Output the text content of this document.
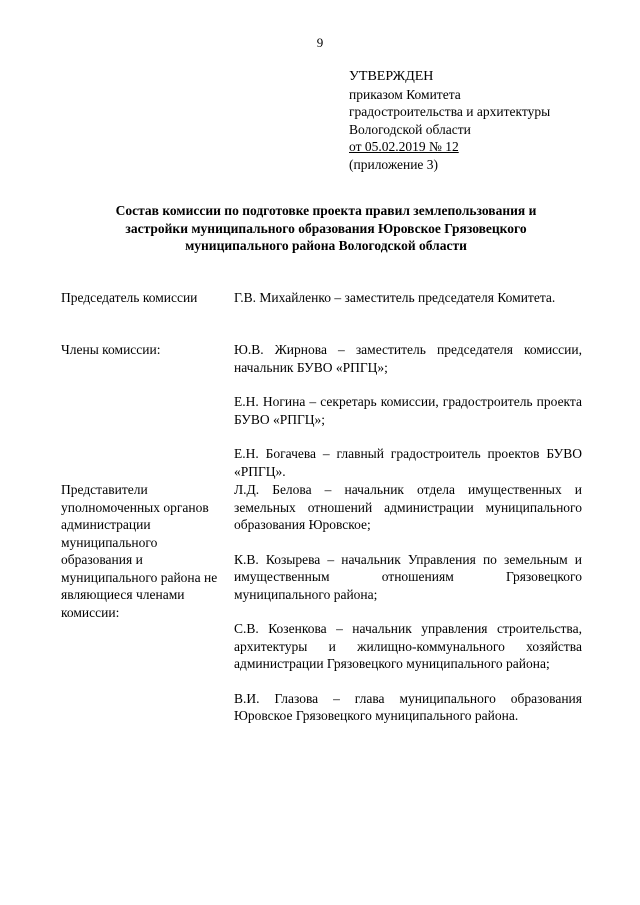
9
УТВЕРЖДЕН
приказом Комитета
градостроительства и архитектуры
Вологодской области
от 05.02.2019 № 12
(приложение 3)
Состав комиссии по подготовке проекта правил землепользования и
застройки муниципального образования Юровское Грязовецкого
муниципального района Вологодской области
Председатель комиссии	Г.В. Михайленко – заместитель председателя Комитета.
Члены комиссии:	Ю.В. Жирнова – заместитель председателя комиссии, начальник БУВО «РПГЦ»;
Е.Н. Ногина – секретарь комиссии, градостроитель проекта БУВО «РПГЦ»;
Е.Н. Богачева – главный градостроитель проектов БУВО «РПГЦ».
Представители уполномоченных органов администрации муниципального образования и муниципального района не являющиеся членами комиссии:
Л.Д. Белова – начальник отдела имущественных и земельных отношений администрации муниципального образования Юровское;
К.В. Козырева – начальник Управления по земельным и имущественным отношениям Грязовецкого муниципального района;
С.В. Козенкова – начальник управления строительства, архитектуры и жилищно-коммунального хозяйства администрации Грязовецкого муниципального района;
В.И. Глазова – глава муниципального образования Юровское Грязовецкого муниципального района.
